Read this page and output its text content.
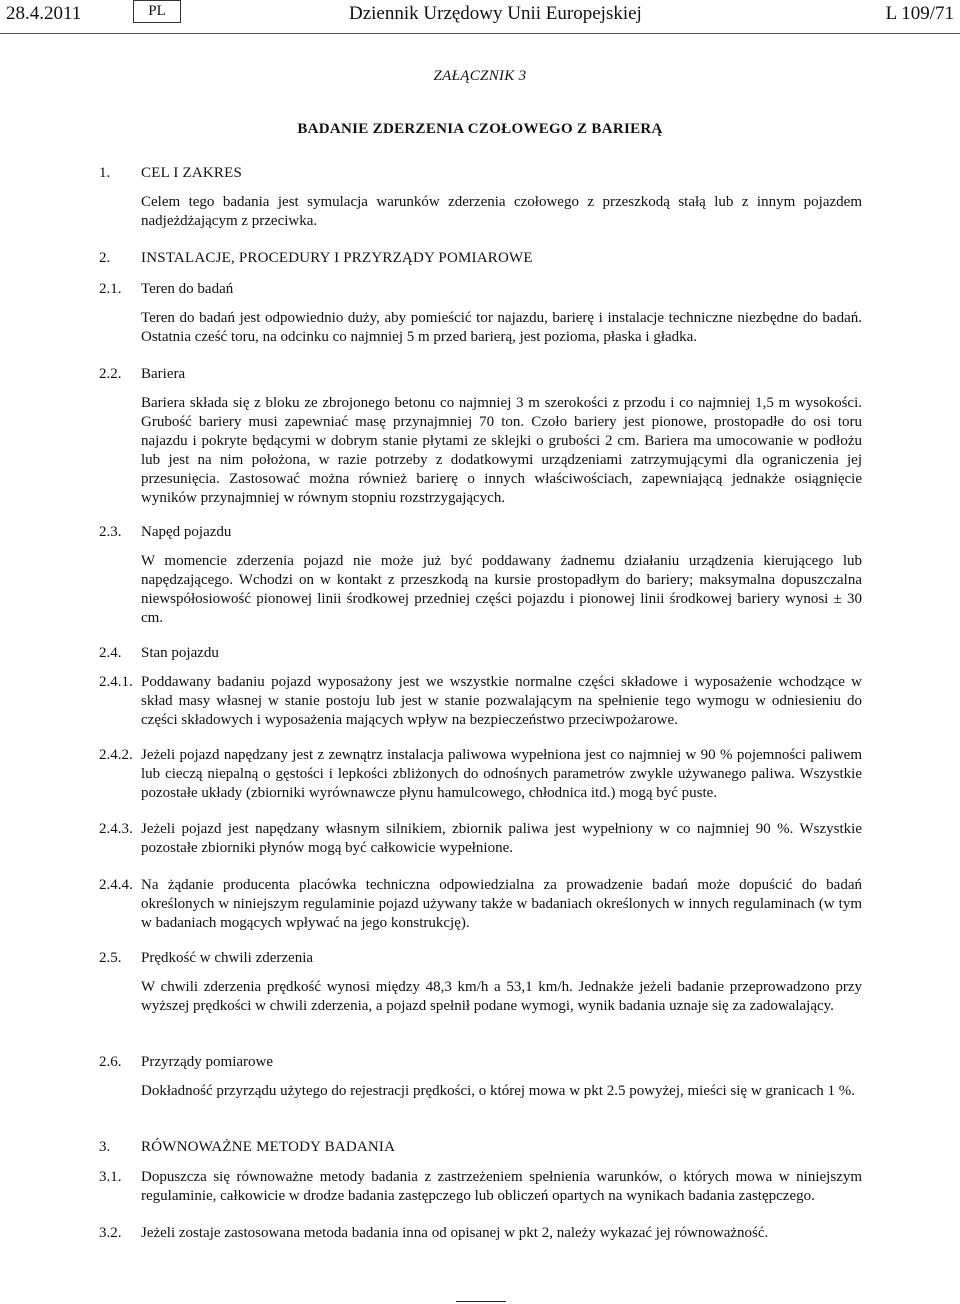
28.4.2011	PL	Dziennik Urzędowy Unii Europejskiej	L 109/71
ZAŁĄCZNIK 3
BADANIE ZDERZENIA CZOŁOWEGO Z BARIERĄ
1. CEL I ZAKRES
Celem tego badania jest symulacja warunków zderzenia czołowego z przeszkodą stałą lub z innym pojazdem nadjeżdżającym z przeciwka.
2. INSTALACJE, PROCEDURY I PRZYRZĄDY POMIAROWE
2.1. Teren do badań
Teren do badań jest odpowiednio duży, aby pomieścić tor najazdu, barierę i instalacje techniczne niezbędne do badań. Ostatnia cześć toru, na odcinku co najmniej 5 m przed barierą, jest pozioma, płaska i gładka.
2.2. Bariera
Bariera składa się z bloku ze zbrojonego betonu co najmniej 3 m szerokości z przodu i co najmniej 1,5 m wysokości. Grubość bariery musi zapewniać masę przynajmniej 70 ton. Czoło bariery jest pionowe, prostopadłe do osi toru najazdu i pokryte będącymi w dobrym stanie płytami ze sklejki o grubości 2 cm. Bariera ma umocowanie w podłożu lub jest na nim położona, w razie potrzeby z dodatkowymi urządzeniami zatrzymującymi dla ograniczenia jej przesunięcia. Zastosować można również barierę o innych właściwościach, zapewniającą jednakże osiągnięcie wyników przynajmniej w równym stopniu rozstrzygających.
2.3. Napęd pojazdu
W momencie zderzenia pojazd nie może już być poddawany żadnemu działaniu urządzenia kierującego lub napędzającego. Wchodzi on w kontakt z przeszkodą na kursie prostopadłym do bariery; maksymalna dopuszczalna niewspółosiowość pionowej linii środkowej przedniej części pojazdu i pionowej linii środkowej bariery wynosi ± 30 cm.
2.4. Stan pojazdu
2.4.1. Poddawany badaniu pojazd wyposażony jest we wszystkie normalne części składowe i wyposażenie wchodzące w skład masy własnej w stanie postoju lub jest w stanie pozwalającym na spełnienie tego wymogu w odniesieniu do części składowych i wyposażenia mających wpływ na bezpieczeństwo przeciwpożarowe.
2.4.2. Jeżeli pojazd napędzany jest z zewnątrz instalacja paliwowa wypełniona jest co najmniej w 90 % pojemności paliwem lub cieczą niepalną o gęstości i lepkości zbliżonych do odnośnych parametrów zwykle używanego paliwa. Wszystkie pozostałe układy (zbiorniki wyrównawcze płynu hamulcowego, chłodnica itd.) mogą być puste.
2.4.3. Jeżeli pojazd jest napędzany własnym silnikiem, zbiornik paliwa jest wypełniony w co najmniej 90 %. Wszystkie pozostałe zbiorniki płynów mogą być całkowicie wypełnione.
2.4.4. Na żądanie producenta placówka techniczna odpowiedzialna za prowadzenie badań może dopuścić do badań określonych w niniejszym regulaminie pojazd używany także w badaniach określonych w innych regulaminach (w tym w badaniach mogących wpływać na jego konstrukcję).
2.5. Prędkość w chwili zderzenia
W chwili zderzenia prędkość wynosi między 48,3 km/h a 53,1 km/h. Jednakże jeżeli badanie przeprowadzono przy wyższej prędkości w chwili zderzenia, a pojazd spełnił podane wymogi, wynik badania uznaje się za zadowalający.
2.6. Przyrządy pomiarowe
Dokładność przyrządu użytego do rejestracji prędkości, o której mowa w pkt 2.5 powyżej, mieści się w granicach 1 %.
3. RÓWNOWAŻNE METODY BADANIA
3.1. Dopuszcza się równoważne metody badania z zastrzeżeniem spełnienia warunków, o których mowa w niniejszym regulaminie, całkowicie w drodze badania zastępczego lub obliczeń opartych na wynikach badania zastępczego.
3.2. Jeżeli zostaje zastosowana metoda badania inna od opisanej w pkt 2, należy wykazać jej równoważność.
